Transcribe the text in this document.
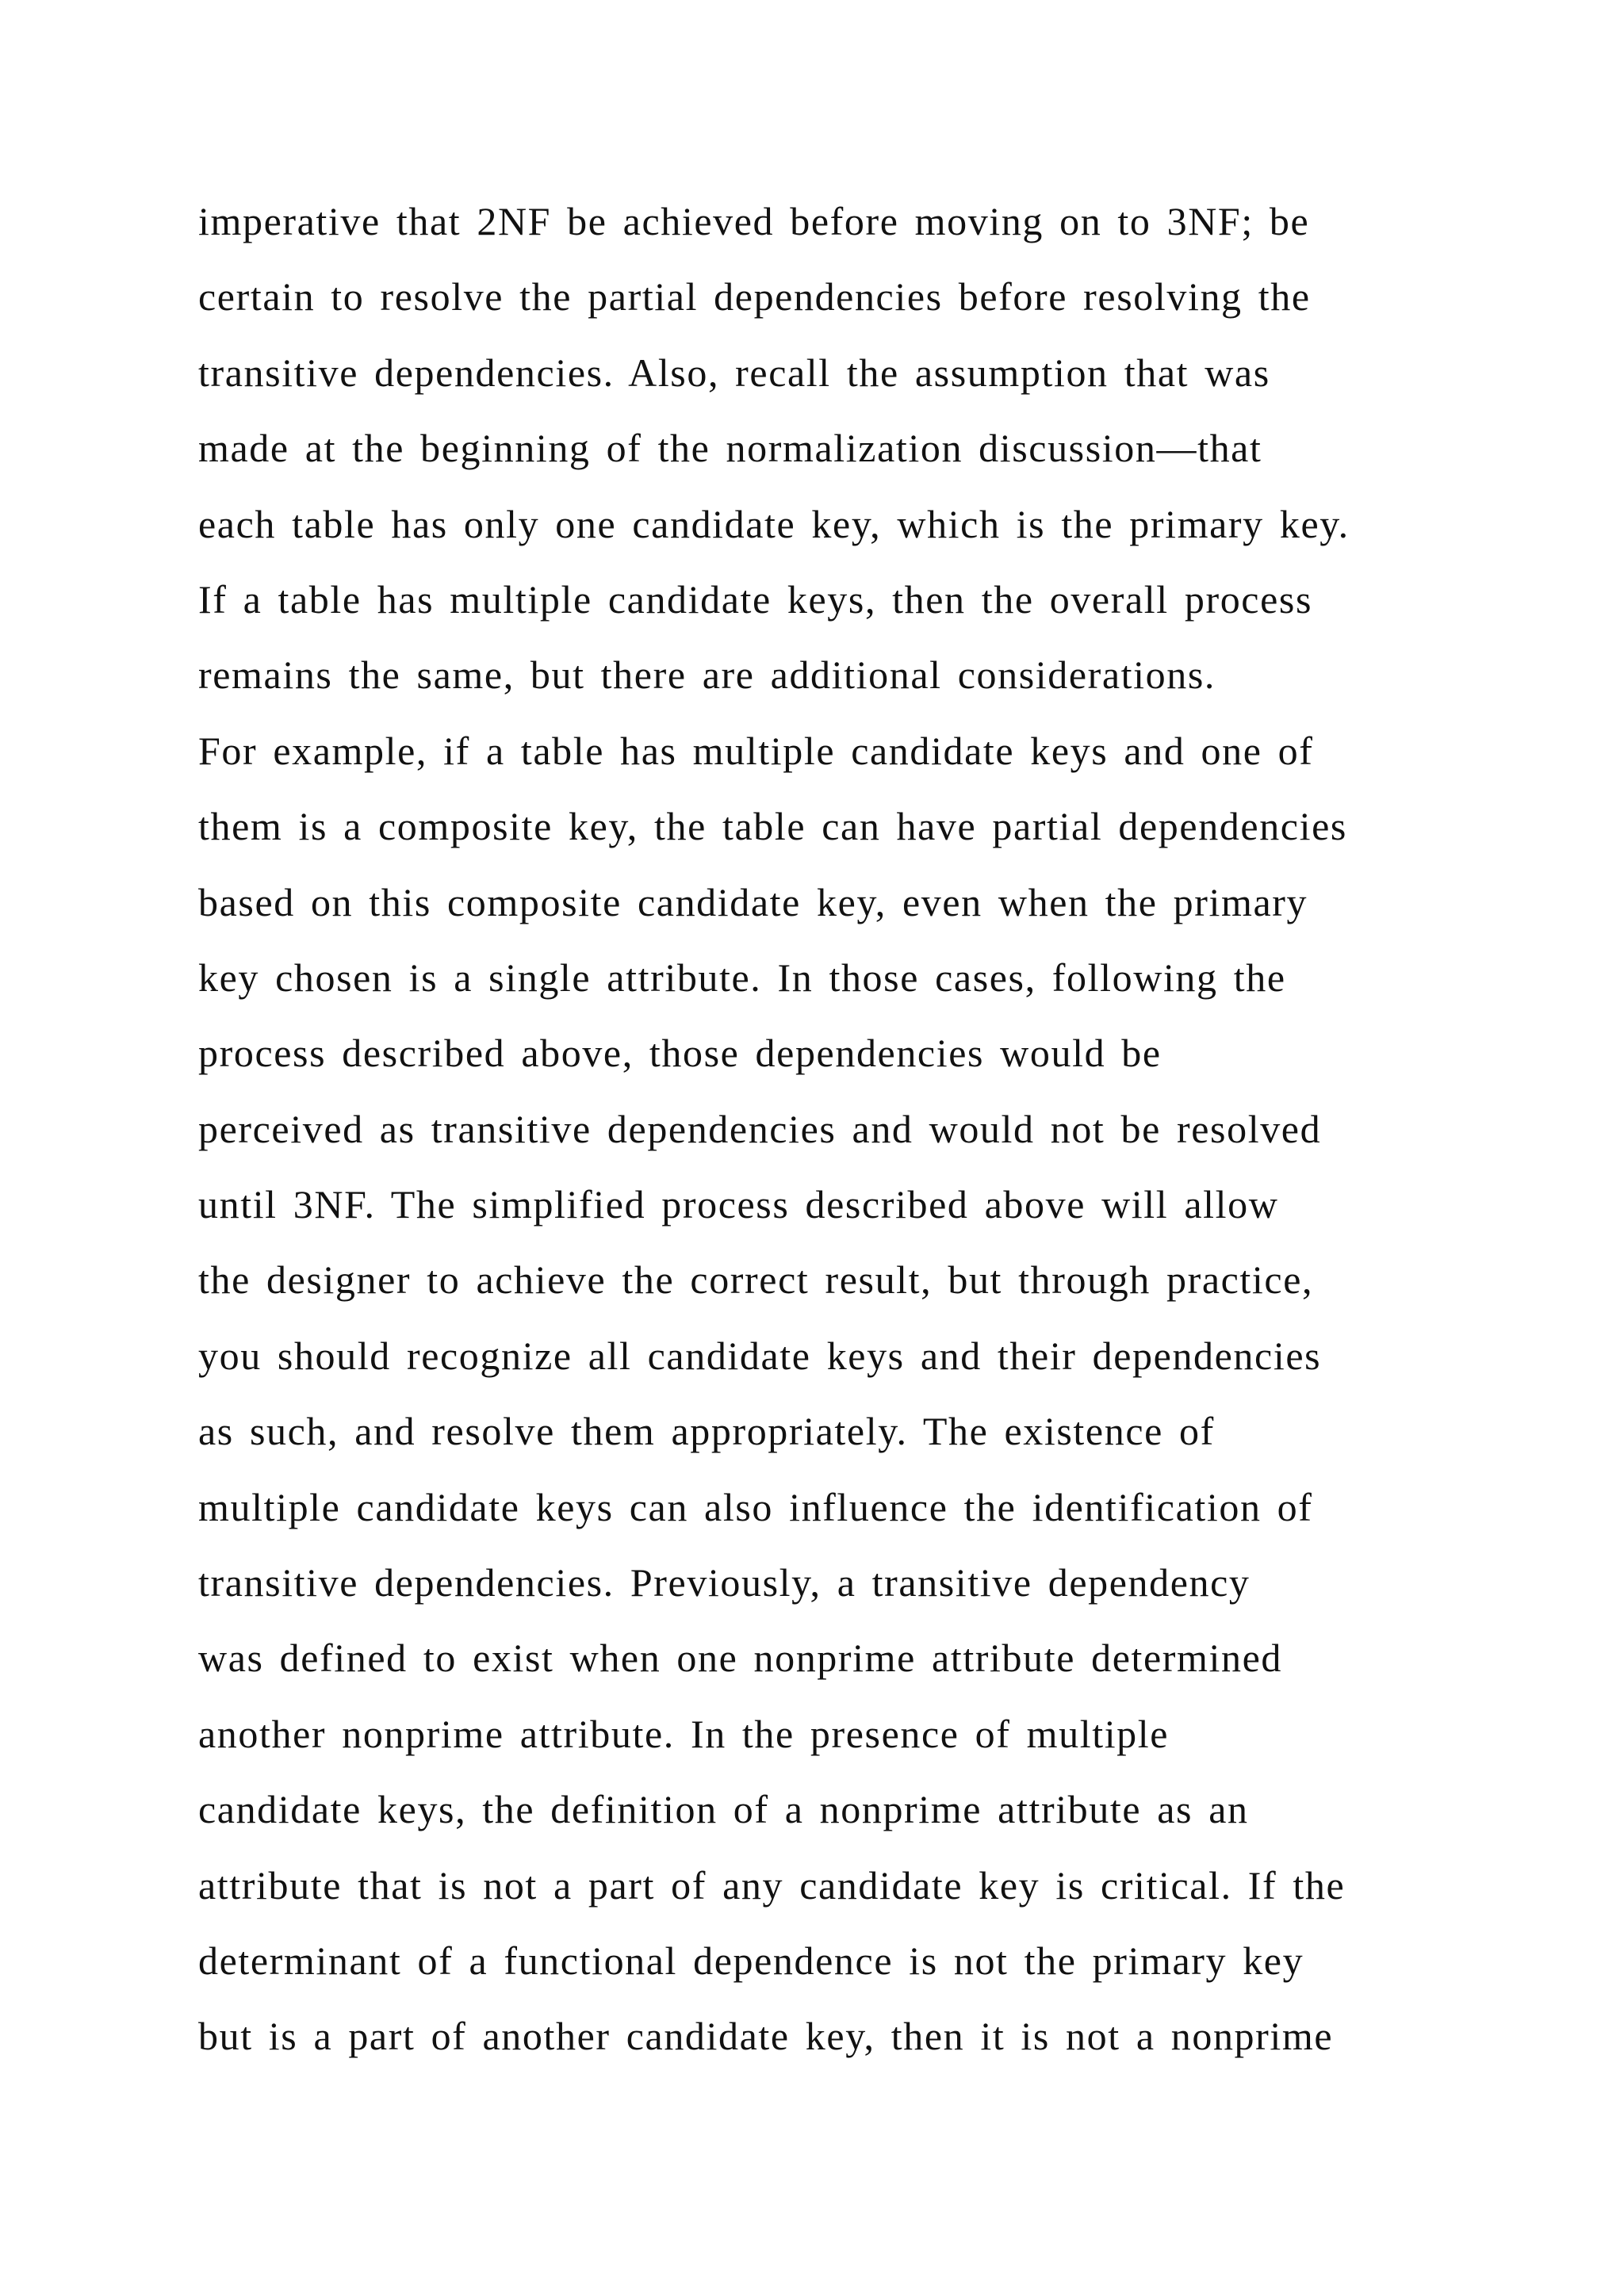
imperative that 2NF be achieved before moving on to 3NF; be
certain to resolve the partial dependencies before resolving the
transitive dependencies. Also, recall the assumption that was
made at the beginning of the normalization discussion—that
each table has only one candidate key, which is the primary key.
If a table has multiple candidate keys, then the overall process
remains the same, but there are additional considerations.
For example, if a table has multiple candidate keys and one of
them is a composite key, the table can have partial dependencies
based on this composite candidate key, even when the primary
key chosen is a single attribute. In those cases, following the
process described above, those dependencies would be
perceived as transitive dependencies and would not be resolved
until 3NF. The simplified process described above will allow
the designer to achieve the correct result, but through practice,
you should recognize all candidate keys and their dependencies
as such, and resolve them appropriately. The existence of
multiple candidate keys can also influence the identification of
transitive dependencies. Previously, a transitive dependency
was defined to exist when one nonprime attribute determined
another nonprime attribute. In the presence of multiple
candidate keys, the definition of a nonprime attribute as an
attribute that is not a part of any candidate key is critical. If the
determinant of a functional dependence is not the primary key
but is a part of another candidate key, then it is not a nonprime
